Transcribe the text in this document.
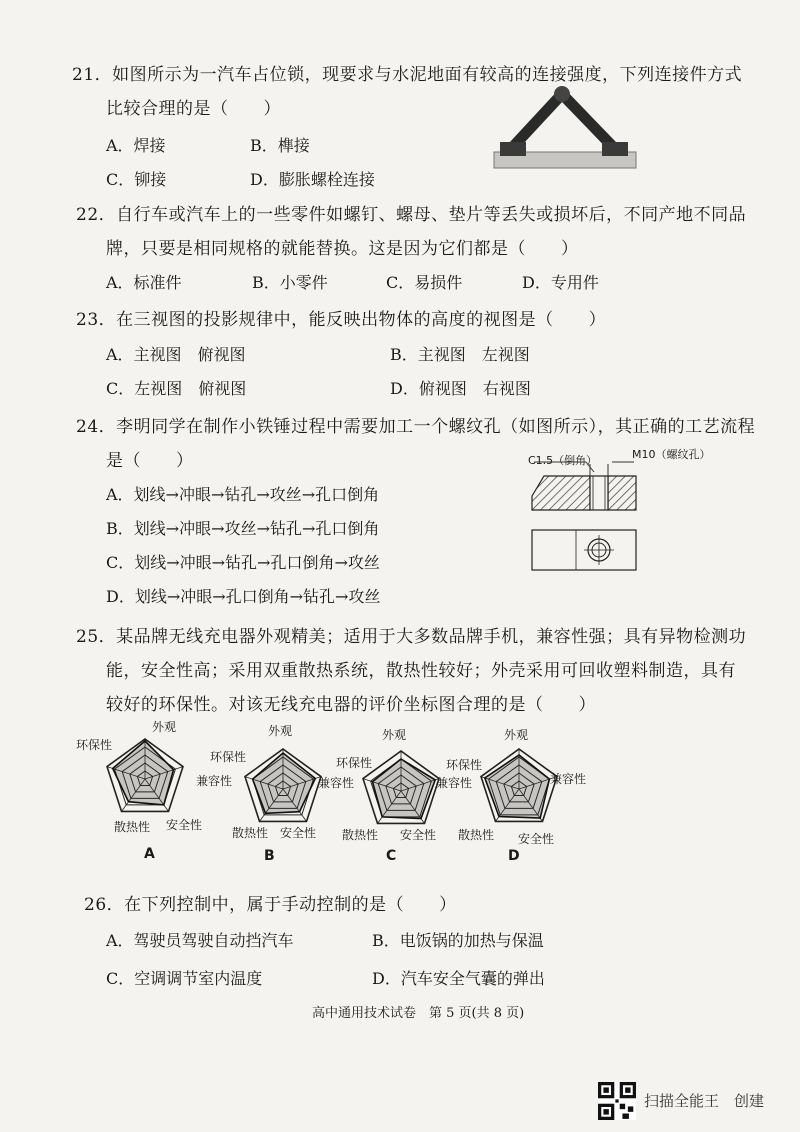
21．如图所示为一汽车占位锁，现要求与水泥地面有较高的连接强度，下列连接件方式
比较合理的是（　　）
A．焊接	B．榫接
C．铆接	D．膨胀螺栓连接
22．自行车或汽车上的一些零件如螺钉、螺母、垫片等丢失或损坏后，不同产地不同品
牌，只要是相同规格的就能替换。这是因为它们都是（　　）
A．标准件	B．小零件	C．易损件	D．专用件
23．在三视图的投影规律中，能反映出物体的高度的视图是（　　）
A．主视图　俯视图	B．主视图　左视图
C．左视图　俯视图	D．俯视图　右视图
24．李明同学在制作小铁锤过程中需要加工一个螺纹孔（如图所示），其正确的工艺流程
是（　　）
A．划线→冲眼→钻孔→攻丝→孔口倒角
B．划线→冲眼→攻丝→钻孔→孔口倒角
C．划线→冲眼→钻孔→孔口倒角→攻丝
D．划线→冲眼→孔口倒角→钻孔→攻丝
C1.5（倒角）	M10（螺纹孔）
25．某品牌无线充电器外观精美；适用于大多数品牌手机，兼容性强；具有异物检测功
能，安全性高；采用双重散热系统，散热性较好；外壳采用可回收塑料制造，具有
较好的环保性。对该无线充电器的评价坐标图合理的是（　　）
外观
环保性
兼容性
散热性 安全性
A
外观
环保性
兼容性
散热性 安全性
B
外观
环保性
兼容性
散热性 安全性
C
外观
环保性
兼容性
散热性 安全性
D
26．在下列控制中，属于手动控制的是（　　）
A．驾驶员驾驶自动挡汽车	B．电饭锅的加热与保温
C．空调调节室内温度	D．汽车安全气囊的弹出
高中通用技术试卷　第 5 页(共 8 页)
扫描全能王　创建
